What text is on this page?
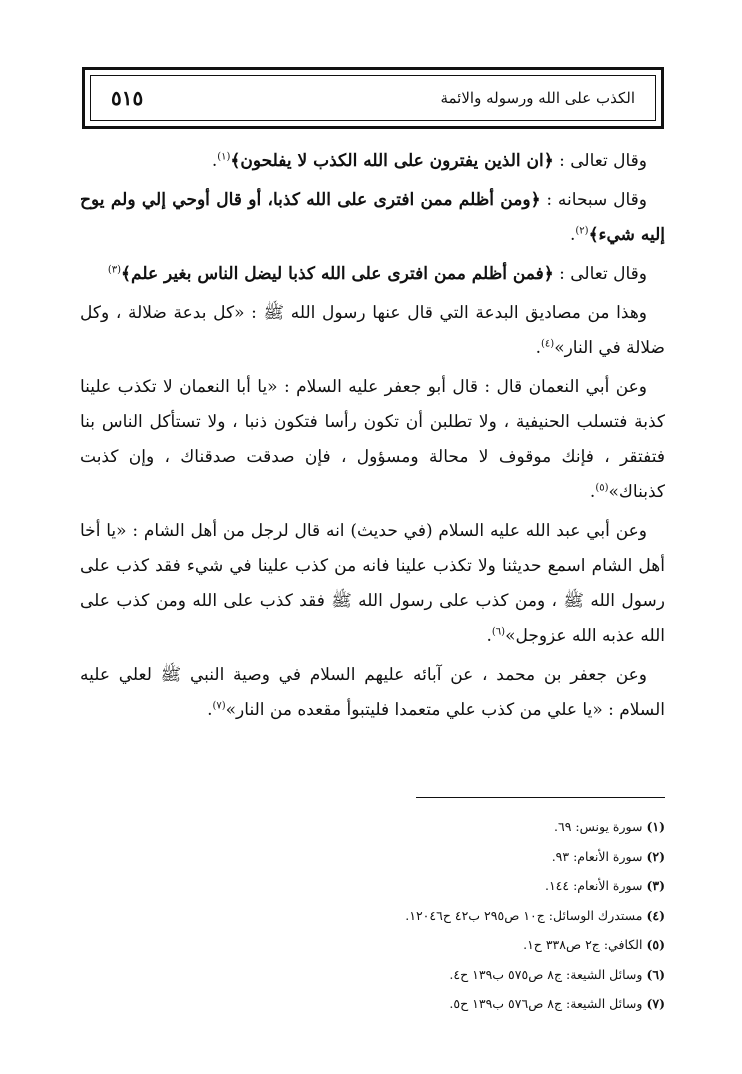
الكذب على الله ورسوله والائمة
٥١٥

وقال تعالى : ﴿ان الذين يفترون على الله الكذب لا يفلحون﴾$^{(١)}$.

وقال سبحانه : ﴿ومن أظلم ممن افترى على الله كذبا، أو قال أوحي إلي ولم يوح إليه شيء﴾$^{(٢)}$.

وقال تعالى : ﴿فمن أظلم ممن افترى على الله كذبا ليضل الناس بغير علم﴾$^{(٣)}$

وهذا من مصاديق البدعة التي قال عنها رسول الله ﷺ : «كل بدعة ضلالة ، وكل ضلالة في النار»$^{(٤)}$.

وعن أبي النعمان قال : قال أبو جعفر عليه السلام : «يا أبا النعمان لا تكذب علينا كذبة فتسلب الحنيفية ، ولا تطلبن أن تكون رأسا فتكون ذنبا ، ولا تستأكل الناس بنا فتفتقر ، فإنك موقوف لا محالة ومسؤول ، فإن صدقت صدقناك ، وإن كذبت كذبناك»$^{(٥)}$.

وعن أبي عبد الله عليه السلام (في حديث) انه قال لرجل من أهل الشام : «يا أخا أهل الشام اسمع حديثنا ولا تكذب علينا فانه من كذب علينا في شيء فقد كذب على رسول الله ﷺ ، ومن كذب على رسول الله ﷺ فقد كذب على الله ومن كذب على الله عذبه الله عزوجل»$^{(٦)}$.

وعن جعفر بن محمد ، عن آبائه عليهم السلام في وصية النبي ﷺ لعلي عليه السلام : «يا علي من كذب علي متعمدا فليتبوأ مقعده من النار»$^{(٧)}$.

(١) سورة يونس: ٦٩.
(٢) سورة الأنعام: ٩٣.
(٣) سورة الأنعام: ١٤٤.
(٤) مستدرك الوسائل: ج١٠ ص٢٩٥ ب٤٢ ح١٢٠٤٦.
(٥) الكافي: ج٢ ص٣٣٨ ح١.
(٦) وسائل الشيعة: ج٨ ص٥٧٥ ب١٣٩ ح٤.
(٧) وسائل الشيعة: ج٨ ص٥٧٦ ب١٣٩ ح٥.
